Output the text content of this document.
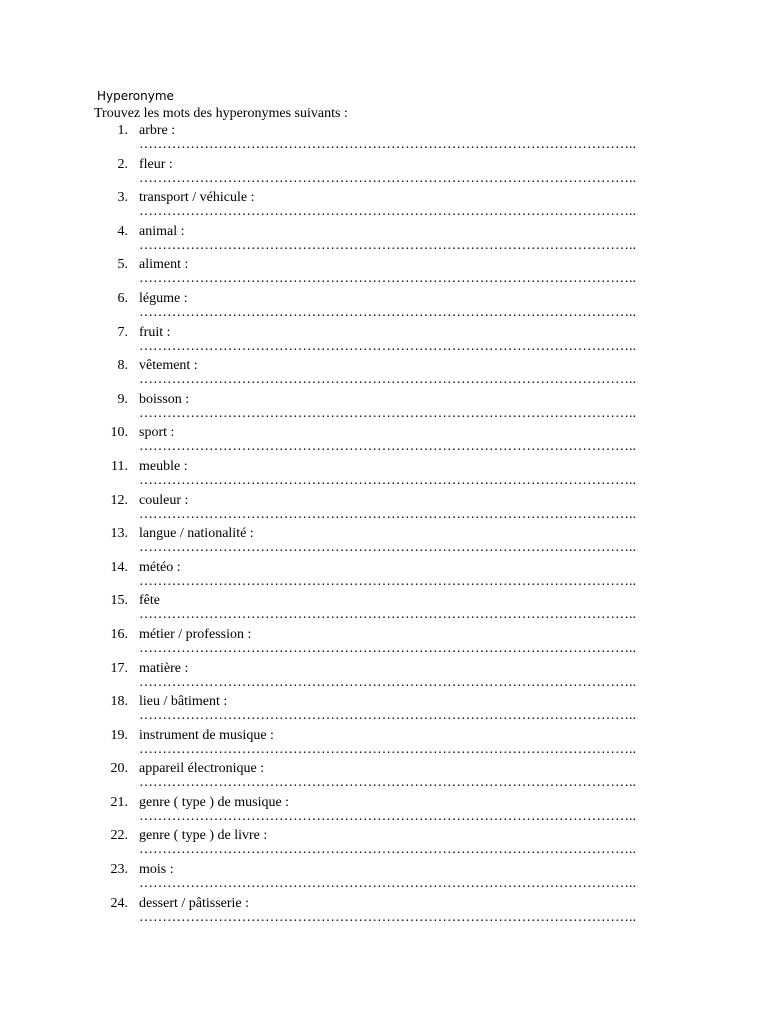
Hyperonyme
Trouvez les mots des hyperonymes suivants :
1. arbre :
……………………………………………………………………………………………..
2. fleur :
……………………………………………………………………………………………..
3. transport / véhicule :
……………………………………………………………………………………………..
4. animal :
……………………………………………………………………………………………..
5. aliment :
……………………………………………………………………………………………..
6. légume :
……………………………………………………………………………………………..
7. fruit :
……………………………………………………………………………………………..
8. vêtement :
……………………………………………………………………………………………..
9. boisson :
……………………………………………………………………………………………..
10. sport :
……………………………………………………………………………………………..
11. meuble :
……………………………………………………………………………………………..
12. couleur :
……………………………………………………………………………………………..
13. langue / nationalité :
……………………………………………………………………………………………..
14. météo :
……………………………………………………………………………………………..
15. fête
……………………………………………………………………………………………..
16. métier / profession :
……………………………………………………………………………………………..
17. matière :
……………………………………………………………………………………………..
18. lieu / bâtiment :
……………………………………………………………………………………………..
19. instrument de musique :
……………………………………………………………………………………………..
20. appareil électronique :
……………………………………………………………………………………………..
21. genre ( type ) de musique :
……………………………………………………………………………………………..
22. genre ( type ) de livre :
……………………………………………………………………………………………..
23. mois :
……………………………………………………………………………………………..
24. dessert / pâtisserie :
……………………………………………………………………………………………..
